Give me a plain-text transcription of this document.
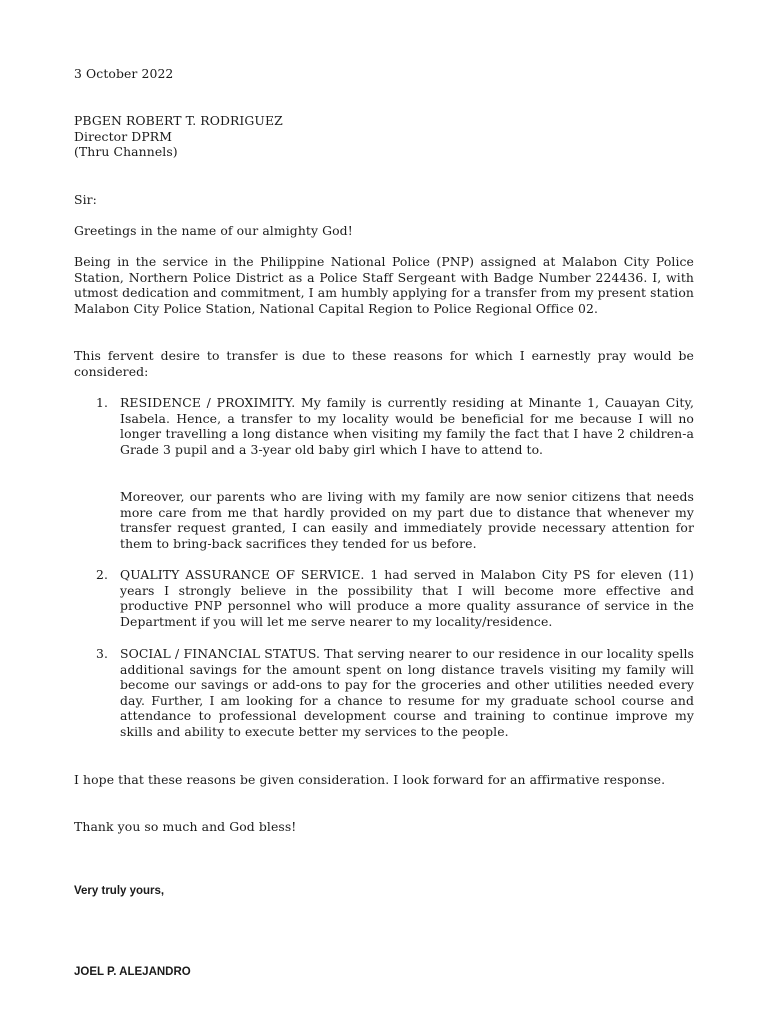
3 October 2022

PBGEN ROBERT T. RODRIGUEZ
Director DPRM
(Thru Channels)

Sir:

Greetings in the name of our almighty God!

Being in the service in the Philippine National Police (PNP) assigned at Malabon City Police Station, Northern Police District as a Police Staff Sergeant with Badge Number 224436. I, with utmost dedication and commitment, I am humbly applying for a transfer from my present station Malabon City Police Station, National Capital Region to Police Regional Office 02.

This fervent desire to transfer is due to these reasons for which I earnestly pray would be considered:

1. RESIDENCE / PROXIMITY. My family is currently residing at Minante 1, Cauayan City, Isabela. Hence, a transfer to my locality would be beneficial for me because I will no longer travelling a long distance when visiting my family the fact that I have 2 children-a Grade 3 pupil and a 3-year old baby girl which I have to attend to.

Moreover, our parents who are living with my family are now senior citizens that needs more care from me that hardly provided on my part due to distance that whenever my transfer request granted, I can easily and immediately provide necessary attention for them to bring-back sacrifices they tended for us before.

2. QUALITY ASSURANCE OF SERVICE. 1 had served in Malabon City PS for eleven (11) years I strongly believe in the possibility that I will become more effective and productive PNP personnel who will produce a more quality assurance of service in the Department if you will let me serve nearer to my locality/residence.

3. SOCIAL / FINANCIAL STATUS. That serving nearer to our residence in our locality spells additional savings for the amount spent on long distance travels visiting my family will become our savings or add-ons to pay for the groceries and other utilities needed every day. Further, I am looking for a chance to resume for my graduate school course and attendance to professional development course and training to continue improve my skills and ability to execute better my services to the people.

I hope that these reasons be given consideration. I look forward for an affirmative response.

Thank you so much and God bless!

Very truly yours,

JOEL P. ALEJANDRO
